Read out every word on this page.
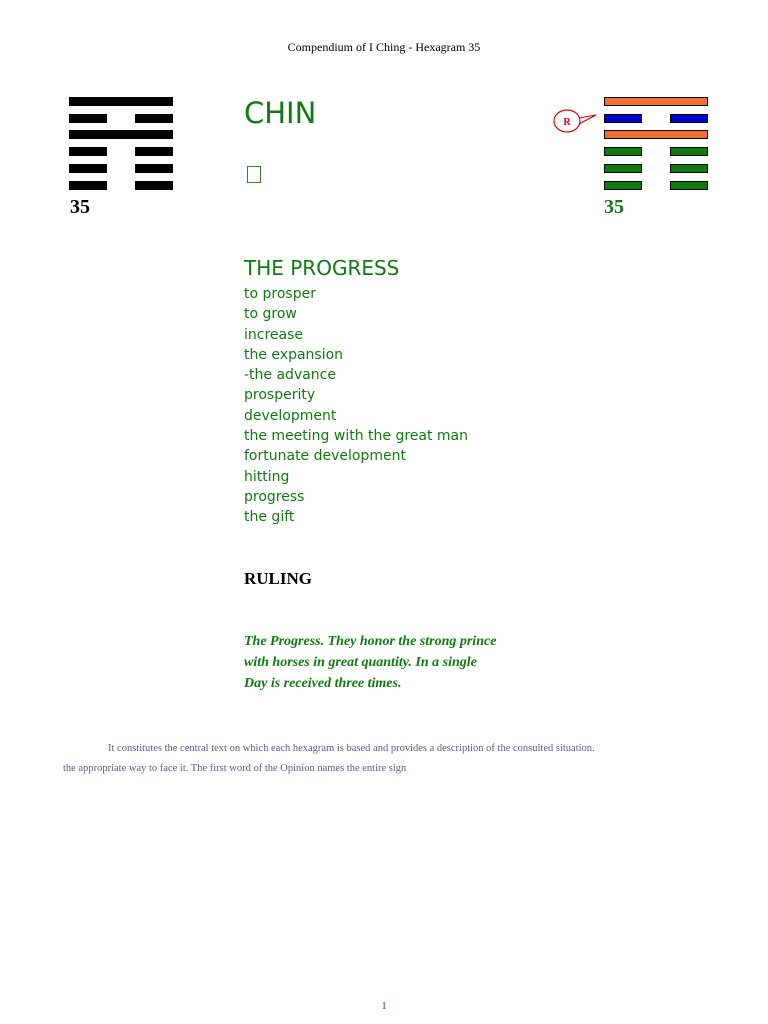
Compendium of I Ching - Hexagram 35
35
CHIN	R
35
THE PROGRESS
to prosper
to grow
increase
the expansion
-the advance
prosperity
development
the meeting with the great man
fortunate development
hitting
progress
the gift
RULING
The Progress. They honor the strong prince
with horses in great quantity. In a single
Day is received three times.
It constitutes the central text on which each hexagram is based and provides a description of the consulted situation.
the appropriate way to face it. The first word of the Opinion names the entire sign
1
